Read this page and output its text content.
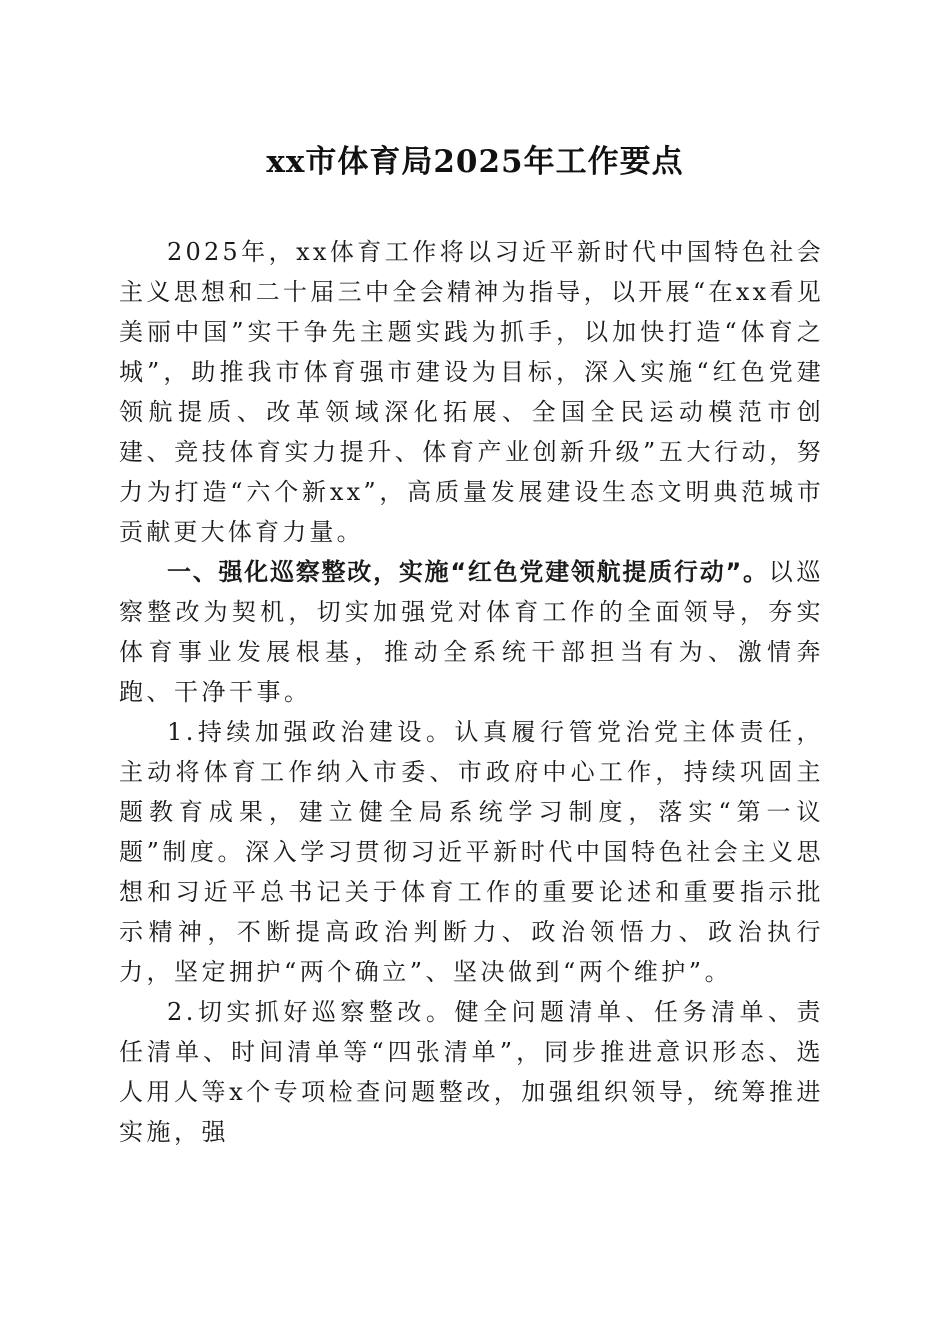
xx市体育局2025年工作要点

2025年，xx体育工作将以习近平新时代中国特色社会主义思想和二十届三中全会精神为指导，以开展“在xx看见美丽中国”实干争先主题实践为抓手，以加快打造“体育之城”，助推我市体育强市建设为目标，深入实施“红色党建领航提质、改革领域深化拓展、全国全民运动模范市创建、竞技体育实力提升、体育产业创新升级”五大行动，努力为打造“六个新xx”，高质量发展建设生态文明典范城市贡献更大体育力量。

一、强化巡察整改，实施“红色党建领航提质行动”。以巡察整改为契机，切实加强党对体育工作的全面领导，夯实体育事业发展根基，推动全系统干部担当有为、激情奔跑、干净干事。

1.持续加强政治建设。认真履行管党治党主体责任，主动将体育工作纳入市委、市政府中心工作，持续巩固主题教育成果，建立健全局系统学习制度，落实“第一议题”制度。深入学习贯彻习近平新时代中国特色社会主义思想和习近平总书记关于体育工作的重要论述和重要指示批示精神，不断提高政治判断力、政治领悟力、政治执行力，坚定拥护“两个确立”、坚决做到“两个维护”。

2.切实抓好巡察整改。健全问题清单、任务清单、责任清单、时间清单等“四张清单”，同步推进意识形态、选人用人等x个专项检查问题整改，加强组织领导，统筹推进实施，强
